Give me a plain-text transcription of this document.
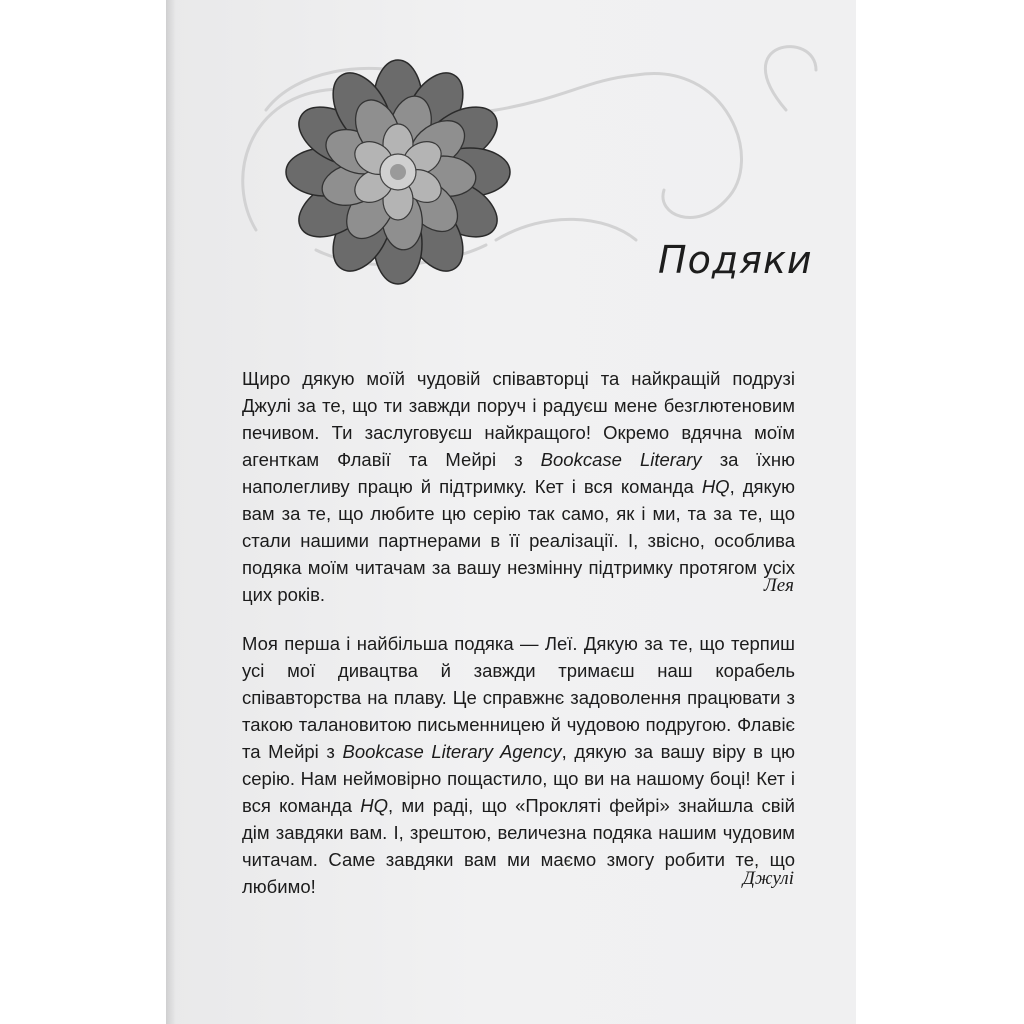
Подяки

Щиро дякую моїй чудовій співавторці та найкращій подрузі Джулі за те, що ти завжди поруч і радуєш мене безглютеновим печивом. Ти заслуговуєш найкращого! Окремо вдячна моїм агенткам Флавії та Мейрі з Bookcase Literary за їхню наполегливу працю й підтримку. Кет і вся команда HQ, дякую вам за те, що любите цю серію так само, як і ми, та за те, що стали нашими партнерами в її реалізації. І, звісно, особлива подяка моїм читачам за вашу незмінну підтримку протягом усіх цих років.	Лея

Моя перша і найбільша подяка — Леї. Дякую за те, що терпиш усі мої дивацтва й завжди тримаєш наш корабель співавторства на плаву. Це справжнє задоволення працювати з такою талановитою письменницею й чудовою подругою. Флавіє та Мейрі з Bookcase Literary Agency, дякую за вашу віру в цю серію. Нам неймовірно пощастило, що ви на нашому боці! Кет і вся команда HQ, ми раді, що «Прокляті фейрі» знайшла свій дім завдяки вам. І, зрештою, величезна подяка нашим чудовим читачам. Саме завдяки вам ми маємо змогу робити те, що любимо!	Джулі
